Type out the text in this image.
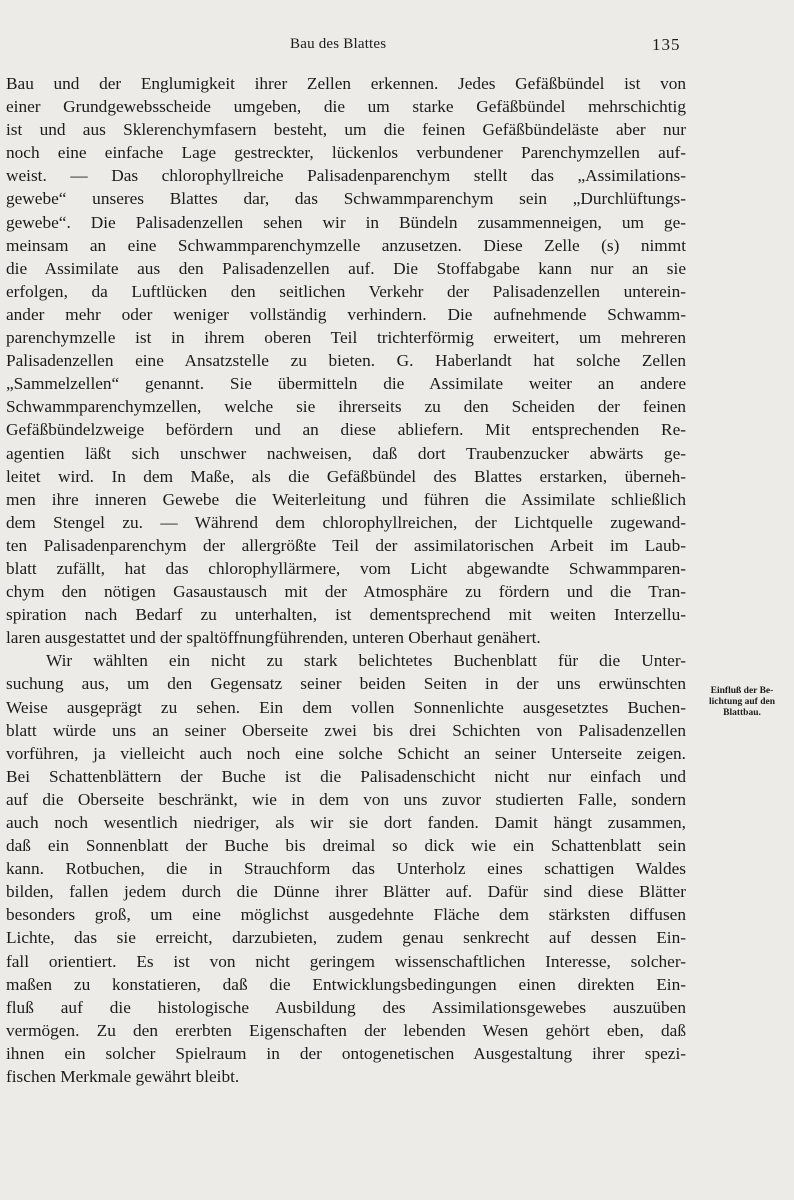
Bau des Blattes	135
Bau und der Englumigkeit ihrer Zellen erkennen. Jedes Gefäßbündel ist von
einer Grundgewebsscheide umgeben, die um starke Gefäßbündel mehrschichtig
ist und aus Sklerenchymfasern besteht, um die feinen Gefäßbündeläste aber nur
noch eine einfache Lage gestreckter, lückenlos verbundener Parenchymzellen auf-
weist. — Das chlorophyllreiche Palisadenparenchym stellt das „Assimilations-
gewebe“ unseres Blattes dar, das Schwammparenchym sein „Durchlüftungs-
gewebe“. Die Palisadenzellen sehen wir in Bündeln zusammenneigen, um ge-
meinsam an eine Schwammparenchymzelle anzusetzen. Diese Zelle (s) nimmt
die Assimilate aus den Palisadenzellen auf. Die Stoffabgabe kann nur an sie
erfolgen, da Luftlücken den seitlichen Verkehr der Palisadenzellen unterein-
ander mehr oder weniger vollständig verhindern. Die aufnehmende Schwamm-
parenchymzelle ist in ihrem oberen Teil trichterförmig erweitert, um mehreren
Palisadenzellen eine Ansatzstelle zu bieten. G. Haberlandt hat solche Zellen
„Sammelzellen“ genannt. Sie übermitteln die Assimilate weiter an andere
Schwammparenchymzellen, welche sie ihrerseits zu den Scheiden der feinen
Gefäßbündelzweige befördern und an diese abliefern. Mit entsprechenden Re-
agentien läßt sich unschwer nachweisen, daß dort Traubenzucker abwärts ge-
leitet wird. In dem Maße, als die Gefäßbündel des Blattes erstarken, überneh-
men ihre inneren Gewebe die Weiterleitung und führen die Assimilate schließlich
dem Stengel zu. — Während dem chlorophyllreichen, der Lichtquelle zugewand-
ten Palisadenparenchym der allergrößte Teil der assimilatorischen Arbeit im Laub-
blatt zufällt, hat das chlorophyllärmere, vom Licht abgewandte Schwammparen-
chym den nötigen Gasaustausch mit der Atmosphäre zu fördern und die Tran-
spiration nach Bedarf zu unterhalten, ist dementsprechend mit weiten Interzellu-
laren ausgestattet und der spaltöffnungführenden, unteren Oberhaut genähert.
Wir wählten ein nicht zu stark belichtetes Buchenblatt für die Unter-
suchung aus, um den Gegensatz seiner beiden Seiten in der uns erwünschten
Weise ausgeprägt zu sehen. Ein dem vollen Sonnenlichte ausgesetztes Buchen-
blatt würde uns an seiner Oberseite zwei bis drei Schichten von Palisadenzellen
vorführen, ja vielleicht auch noch eine solche Schicht an seiner Unterseite zeigen.
Bei Schattenblättern der Buche ist die Palisadenschicht nicht nur einfach und
auf die Oberseite beschränkt, wie in dem von uns zuvor studierten Falle, sondern
auch noch wesentlich niedriger, als wir sie dort fanden. Damit hängt zusammen,
daß ein Sonnenblatt der Buche bis dreimal so dick wie ein Schattenblatt sein
kann. Rotbuchen, die in Strauchform das Unterholz eines schattigen Waldes
bilden, fallen jedem durch die Dünne ihrer Blätter auf. Dafür sind diese Blätter
besonders groß, um eine möglichst ausgedehnte Fläche dem stärksten diffusen
Lichte, das sie erreicht, darzubieten, zudem genau senkrecht auf dessen Ein-
fall orientiert. Es ist von nicht geringem wissenschaftlichen Interesse, solcher-
maßen zu konstatieren, daß die Entwicklungsbedingungen einen direkten Ein-
fluß auf die histologische Ausbildung des Assimilationsgewebes auszuüben
vermögen. Zu den ererbten Eigenschaften der lebenden Wesen gehört eben, daß
ihnen ein solcher Spielraum in der ontogenetischen Ausgestaltung ihrer spezi-
fischen Merkmale gewährt bleibt.
Einfluß der Be-
lichtung auf den
Blattbau.
